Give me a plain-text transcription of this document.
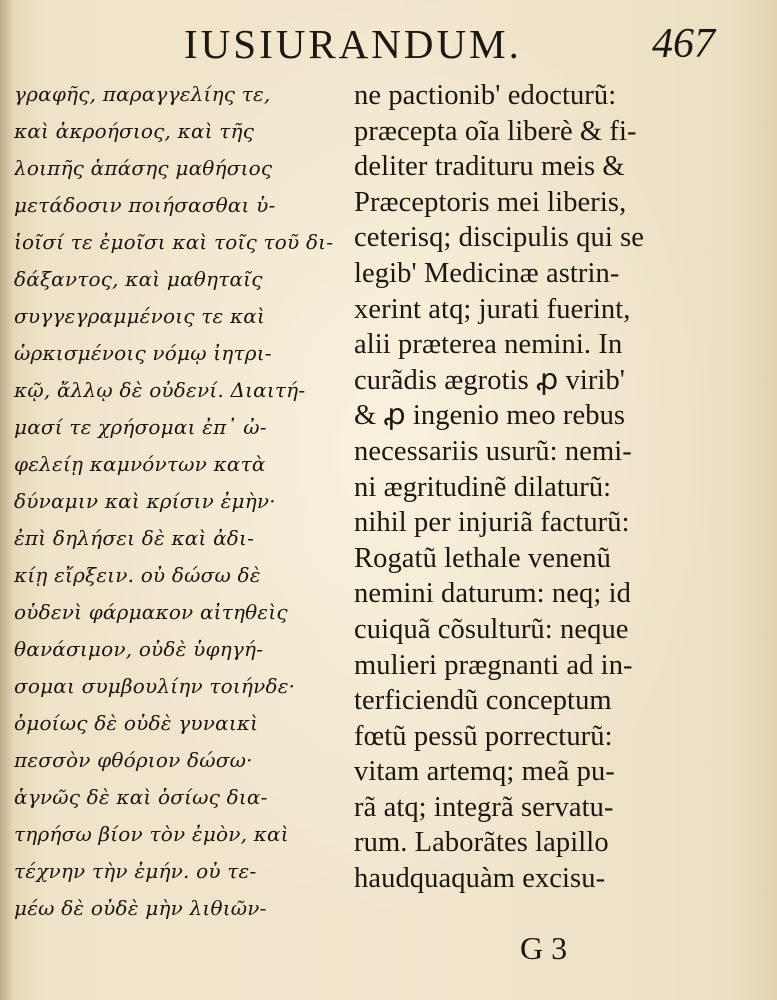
IUSIURANDUM.	467
γραφῆς, παραγγελίης τε,
καὶ ἀκροήσιος, καὶ τῆς
λοιπῆς ἁπάσης μαθήσιος
μετάδοσιν ποιήσασθαι ὑ-
ἱοῖσί τε ἐμοῖσι καὶ τοῖς τοῦ δι-
δάξαντος, καὶ μαθηταῖς
συγγεγραμμένοις τε καὶ
ὡρκισμένοις νόμῳ ἰητρι-
κῷ, ἄλλῳ δὲ οὐδενί. Διαιτή-
μασί τε χρήσομαι ἐπ᾽ ὠ-
φελείῃ καμνόντων κατὰ
δύναμιν καὶ κρίσιν ἐμὴν·
ἐπὶ δηλήσει δὲ καὶ ἀδι-
κίῃ εἴρξειν. οὐ δώσω δὲ
οὐδενὶ φάρμακον αἰτηθεὶς
θανάσιμον, οὐδὲ ὑφηγή-
σομαι συμβουλίην τοιήνδε·
ὁμοίως δὲ οὐδὲ γυναικὶ
πεσσὸν φθόριον δώσω·
ἁγνῶς δὲ καὶ ὁσίως δια-
τηρήσω βίον τὸν ἐμὸν, καὶ
τέχνην τὴν ἐμήν. οὐ τε-
μέω δὲ οὐδὲ μὴν λιθιῶν-
ne pactionib' edocturũ:
præcepta oĩa liberè & fi-
deliter tradituru meis &
Præceptoris mei liberis,
ceterisq; discipulis qui se
legib' Medicinæ astrin-
xerint atq; jurati fuerint,
alii præterea nemini. In
curãdis ægrotis ꝓ virib'
& ꝓ ingenio meo rebus
necessariis usurũ: nemi-
ni ægritudinẽ dilaturũ:
nihil per injuriã facturũ:
Rogatũ lethale venenũ
nemini daturum: neq; id
cuiquã cõsulturũ: neque
mulieri prægnanti ad in-
terficiendũ conceptum
fœtũ pessũ porrecturũ:
vitam artemq; meã pu-
rã atq; integrã servatu-
rum. Laborãtes lapillo
haudquaquàm excisu-
G 3
